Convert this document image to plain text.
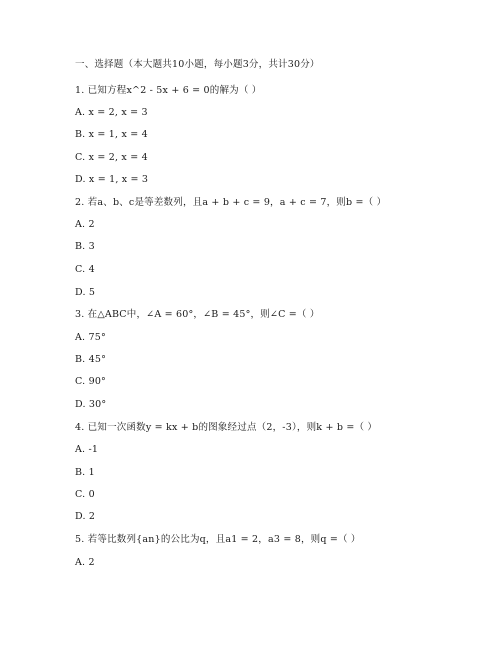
一、选择题（本大题共10小题，每小题3分，共计30分）
1. 已知方程x^2 - 5x + 6 = 0的解为（ ）
A. x = 2, x = 3
B. x = 1, x = 4
C. x = 2, x = 4
D. x = 1, x = 3
2. 若a、b、c是等差数列，且a + b + c = 9，a + c = 7，则b =（ ）
A. 2
B. 3
C. 4
D. 5
3. 在△ABC中，∠A = 60°，∠B = 45°，则∠C =（ ）
A. 75°
B. 45°
C. 90°
D. 30°
4. 已知一次函数y = kx + b的图象经过点（2，-3），则k + b =（ ）
A. -1
B. 1
C. 0
D. 2
5. 若等比数列{an}的公比为q，且a1 = 2，a3 = 8，则q =（ ）
A. 2
